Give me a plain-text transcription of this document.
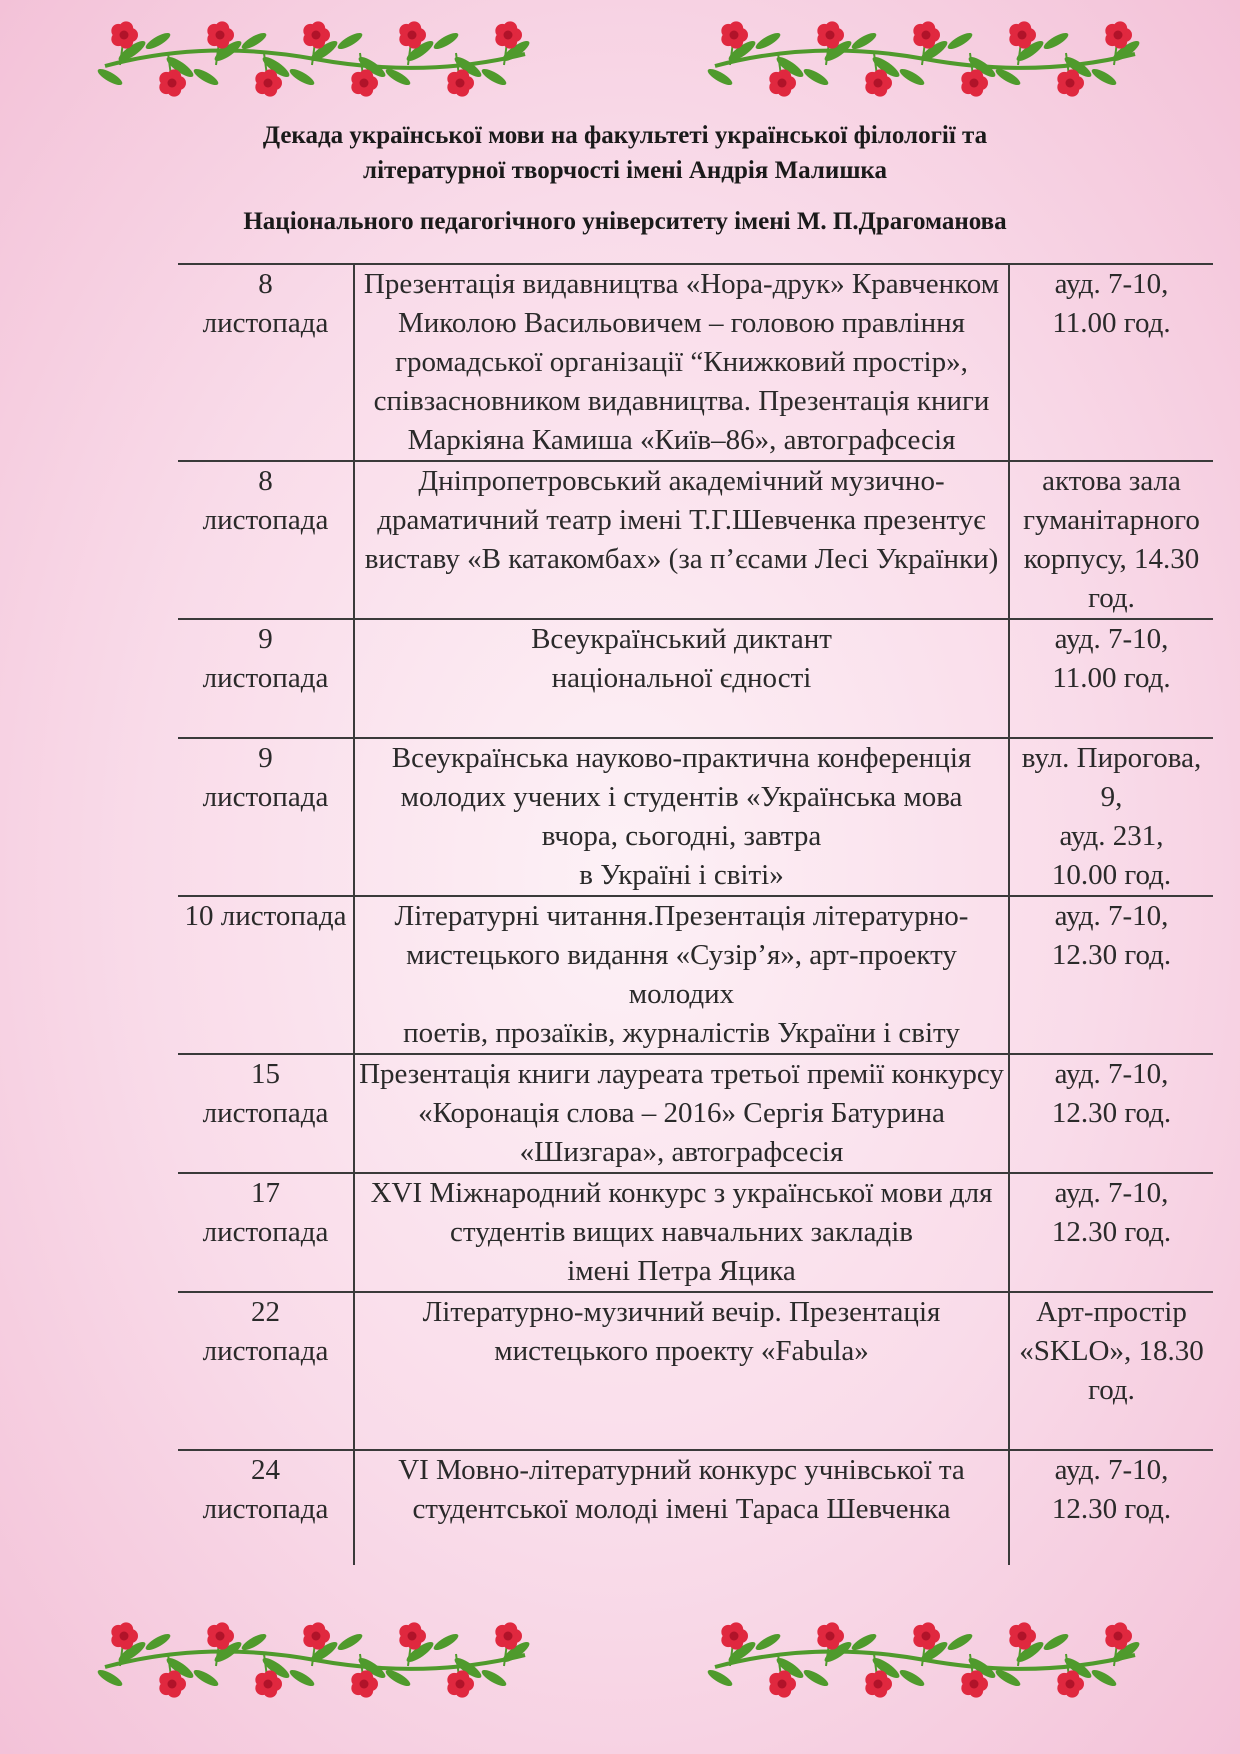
Декада української мови на факультеті української філології та
літературної творчості імені Андрія Малишка
Національного педагогічного університету імені М. П.Драгоманова
8
листопада	Презентація видавництва «Нора-друк» Кравченком
Миколою Васильовичем – головою правління
громадської організації “Книжковий простір»,
співзасновником видавництва. Презентація книги
Маркіяна Камиша «Київ–86», автографсесія	ауд. 7-10,
11.00 год.

8
листопада	Дніпропетровський академічний музично-
драматичний театр імені Т.Г.Шевченка презентує
виставу «В катакомбах» (за п’єсами Лесі Українки)	актова зала
гуманітарного
корпусу, 14.30
год.

9
листопада	Всеукраїнський диктант
національної єдності	ауд. 7-10,
11.00 год.

9
листопада	Всеукраїнська науково-практична конференція
молодих учених і студентів «Українська мова
вчора, сьогодні, завтра
в Україні і світі»	вул. Пирогова, 9,
ауд. 231,
10.00 год.

10 листопада	Літературні читання.Презентація літературно-
мистецького видання «Сузір’я», арт-проекту молодих
поетів, прозаїків, журналістів України і світу	ауд. 7-10,
12.30 год.

15
листопада	Презентація книги лауреата третьої премії конкурсу
«Коронація слова – 2016» Сергія Батурина
«Шизгара», автографсесія	ауд. 7-10,
12.30 год.

17
листопада	XVI Міжнародний конкурс з української мови для
студентів вищих навчальних закладів
імені Петра Яцика	ауд. 7-10,
12.30 год.

22
листопада	Літературно-музичний вечір. Презентація
мистецького проекту «Fabula»	Арт-простір
«SKLO», 18.30
год.

24
листопада	VI Мовно-літературний конкурс учнівської та
студентської молоді імені Тараса Шевченка	ауд. 7-10,
12.30 год.
